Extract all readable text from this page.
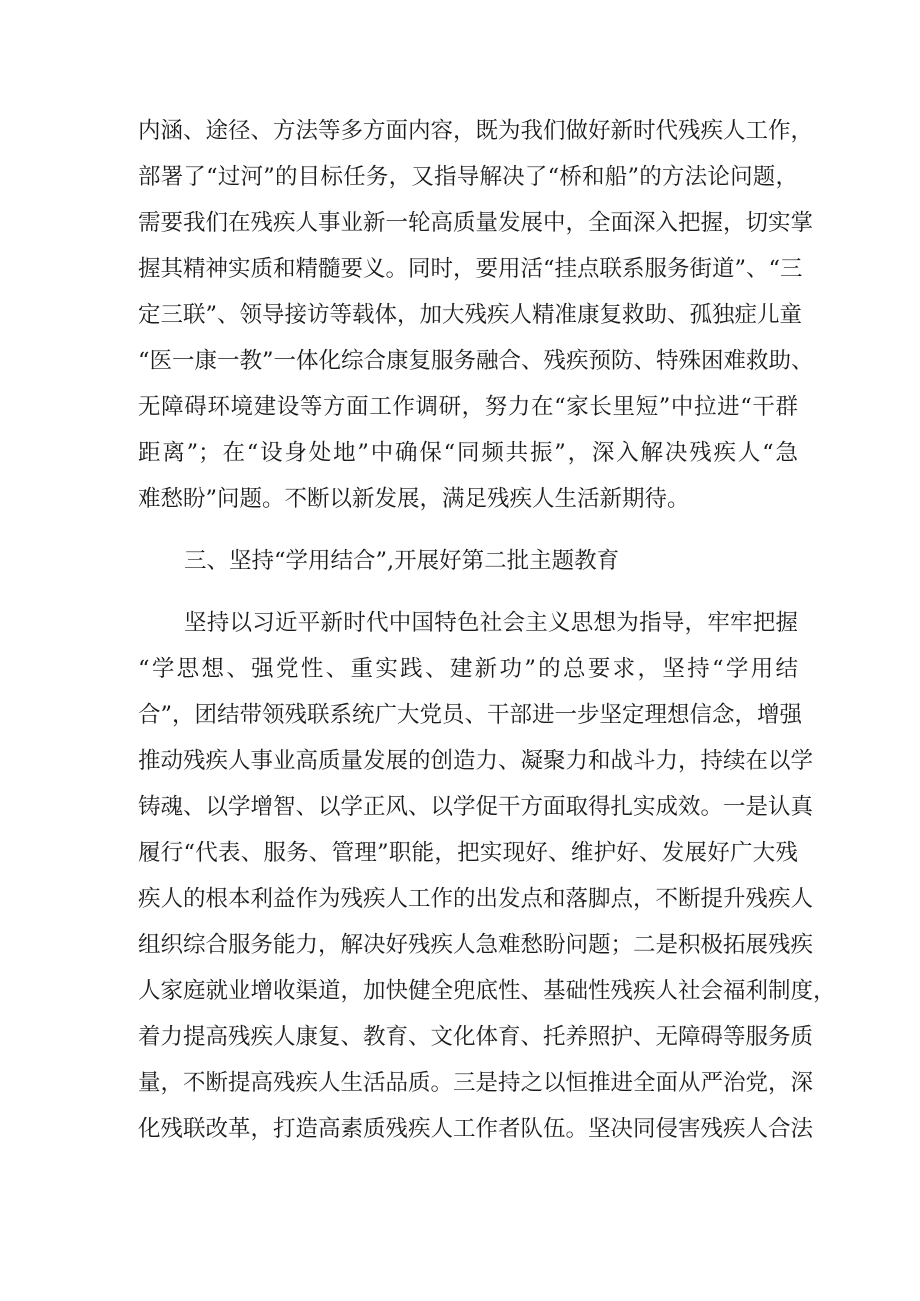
内涵、途径、方法等多方面内容，既为我们做好新时代残疾人工作，
部署了“过河”的目标任务，又指导解决了“桥和船”的方法论问题，
需要我们在残疾人事业新一轮高质量发展中，全面深入把握，切实掌
握其精神实质和精髓要义。同时，要用活“挂点联系服务街道”、“三
定三联”、领导接访等载体，加大残疾人精准康复救助、孤独症儿童
“医一康一教”一体化综合康复服务融合、残疾预防、特殊困难救助、
无障碍环境建设等方面工作调研，努力在“家长里短”中拉进“干群
距离”；在“设身处地”中确保“同频共振”，深入解决残疾人“急
难愁盼”问题。不断以新发展，满足残疾人生活新期待。
三、坚持“学用结合”,开展好第二批主题教育
坚持以习近平新时代中国特色社会主义思想为指导，牢牢把握
“学思想、强党性、重实践、建新功”的总要求，坚持“学用结
合”，团结带领残联系统广大党员、干部进一步坚定理想信念，增强
推动残疾人事业高质量发展的创造力、凝聚力和战斗力，持续在以学
铸魂、以学增智、以学正风、以学促干方面取得扎实成效。一是认真
履行“代表、服务、管理”职能，把实现好、维护好、发展好广大残
疾人的根本利益作为残疾人工作的出发点和落脚点，不断提升残疾人
组织综合服务能力，解决好残疾人急难愁盼问题；二是积极拓展残疾
人家庭就业增收渠道，加快健全兜底性、基础性残疾人社会福利制度，
着力提高残疾人康复、教育、文化体育、托养照护、无障碍等服务质
量，不断提高残疾人生活品质。三是持之以恒推进全面从严治党，深
化残联改革，打造高素质残疾人工作者队伍。坚决同侵害残疾人合法
